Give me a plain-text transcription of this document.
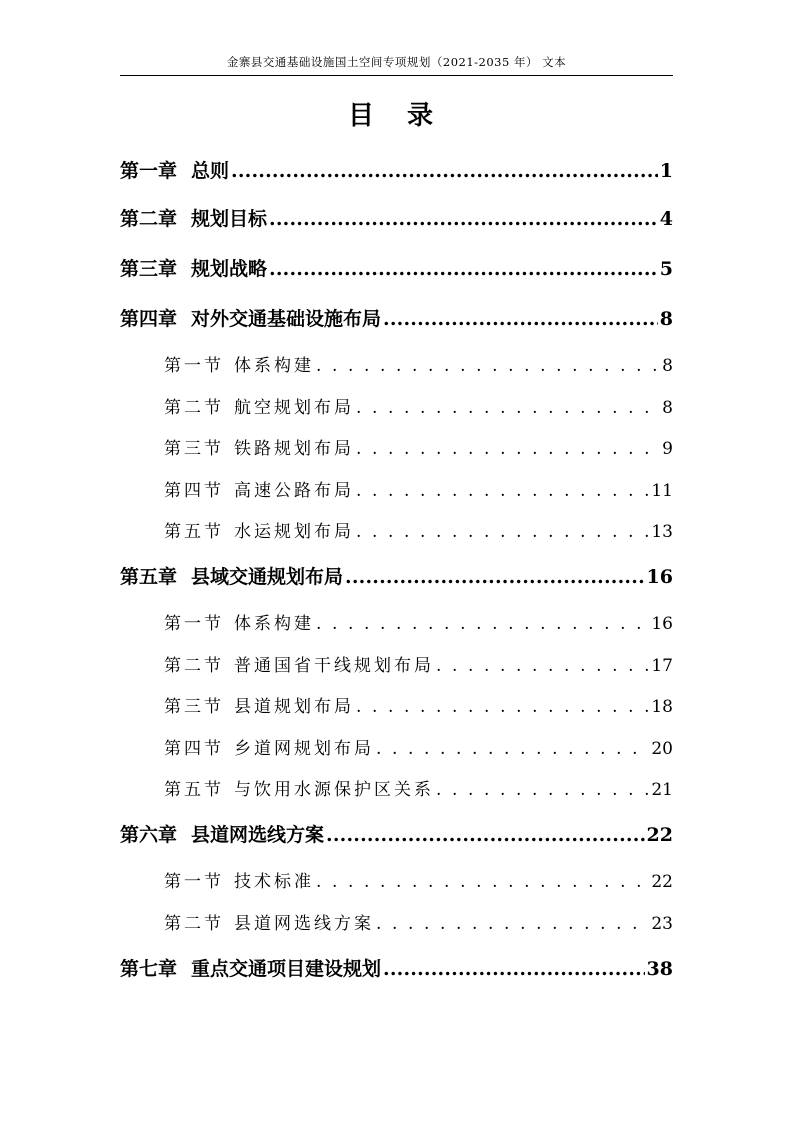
金寨县交通基础设施国土空间专项规划（2021-2035 年） 文本
目 录
第一章 总则 .....	1
第二章 规划目标 .....	4
第三章 规划战略 .....	5
第四章 对外交通基础设施布局 .....	8
第一节 体系构建 . . .	8
第二节 航空规划布局 . . .	8
第三节 铁路规划布局 . . .	9
第四节 高速公路布局 . . .	11
第五节 水运规划布局 . . .	13
第五章 县域交通规划布局 .....	16
第一节 体系构建 . . .	16
第二节 普通国省干线规划布局 . . .	17
第三节 县道规划布局 . . .	18
第四节 乡道网规划布局 . . .	20
第五节 与饮用水源保护区关系 . . .	21
第六章 县道网选线方案 .....	22
第一节 技术标准 . . .	22
第二节 县道网选线方案 . . .	23
第七章 重点交通项目建设规划 .....	38
